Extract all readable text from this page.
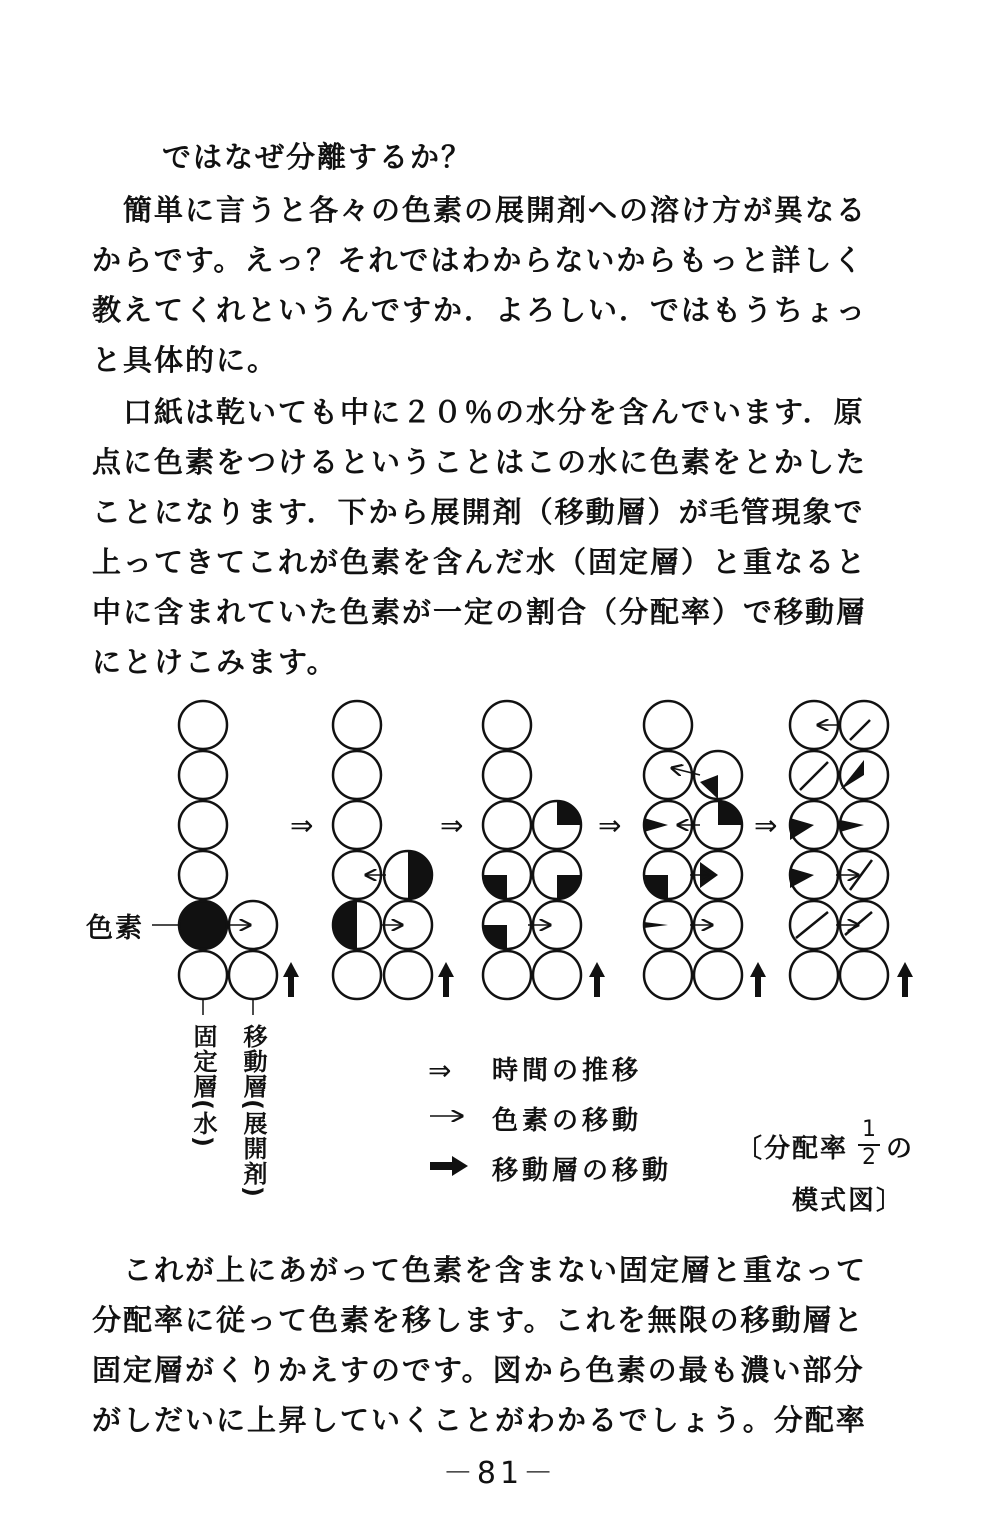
ではなぜ分離するか？
　簡単に言うと各々の色素の展開剤への溶け方が異なる
からです。えっ？それではわからないからもっと詳しく
教えてくれというんですか．よろしい．ではもうちょっ
と具体的に。
　口紙は乾いても中に２０％の水分を含んでいます．原
点に色素をつけるということはこの水に色素をとかした
ことになります．下から展開剤（移動層）が毛管現象で
上ってきてこれが色素を含んだ水（固定層）と重なると
中に含まれていた色素が一定の割合（分配率）で移動層
にとけこみます。
⇒	⇒	⇒	⇒
⇒
色素
固定層(水) 移動層(展開剤)	時間の推移
色素の移動
移動層の移動
〔分配率
1
2 の
模式図〕
　これが上にあがって色素を含まない固定層と重なって
分配率に従って色素を移します。これを無限の移動層と
固定層がくりかえすのです。図から色素の最も濃い部分
がしだいに上昇していくことがわかるでしょう。分配率
－81－
